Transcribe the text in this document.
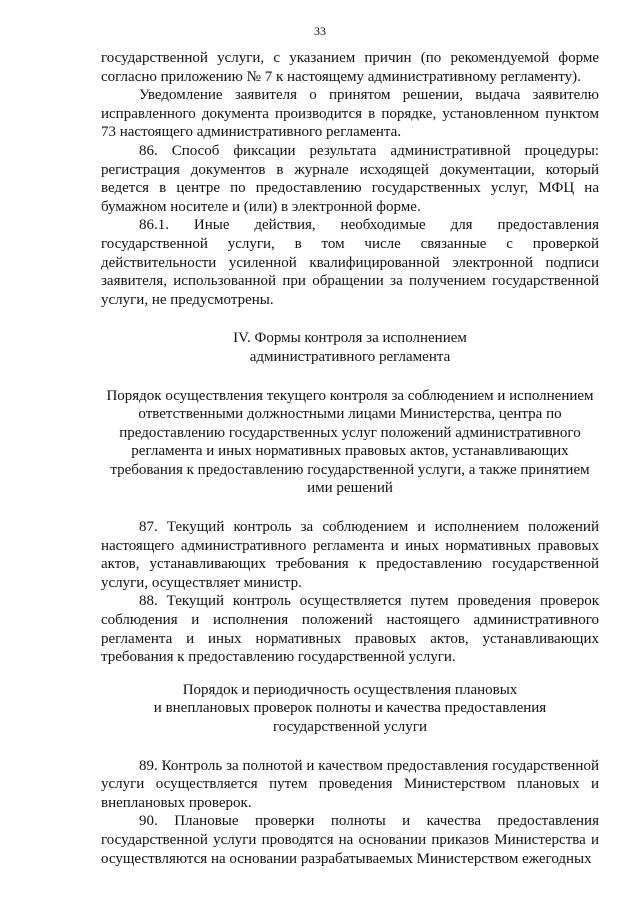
33

государственной услуги, с указанием причин (по рекомендуемой форме согласно приложению № 7 к настоящему административному регламенту).

Уведомление заявителя о принятом решении, выдача заявителю исправленного документа производится в порядке, установленном пунктом 73 настоящего административного регламента.

86. Способ фиксации результата административной процедуры: регистрация документов в журнале исходящей документации, который ведется в центре по предоставлению государственных услуг, МФЦ на бумажном носителе и (или) в электронной форме.

86.1. Иные действия, необходимые для предоставления государственной услуги, в том числе связанные с проверкой действительности усиленной квалифицированной электронной подписи заявителя, использованной при обращении за получением государственной услуги, не предусмотрены.

IV. Формы контроля за исполнением
административного регламента
Порядок осуществления текущего контроля за соблюдением и исполнением ответственными должностными лицами Министерства, центра по предоставлению государственных услуг положений административного регламента и иных нормативных правовых актов, устанавливающих требования к предоставлению государственной услуги, а также принятием ими решений

87. Текущий контроль за соблюдением и исполнением положений настоящего административного регламента и иных нормативных правовых актов, устанавливающих требования к предоставлению государственной услуги, осуществляет министр.

88. Текущий контроль осуществляется путем проведения проверок соблюдения и исполнения положений настоящего административного регламента и иных нормативных правовых актов, устанавливающих требования к предоставлению государственной услуги.

Порядок и периодичность осуществления плановых
и внеплановых проверок полноты и качества предоставления
государственной услуги

89. Контроль за полнотой и качеством предоставления государственной услуги осуществляется путем проведения Министерством плановых и внеплановых проверок.

90. Плановые проверки полноты и качества предоставления государственной услуги проводятся на основании приказов Министерства и осуществляются на основании разрабатываемых Министерством ежегодных
